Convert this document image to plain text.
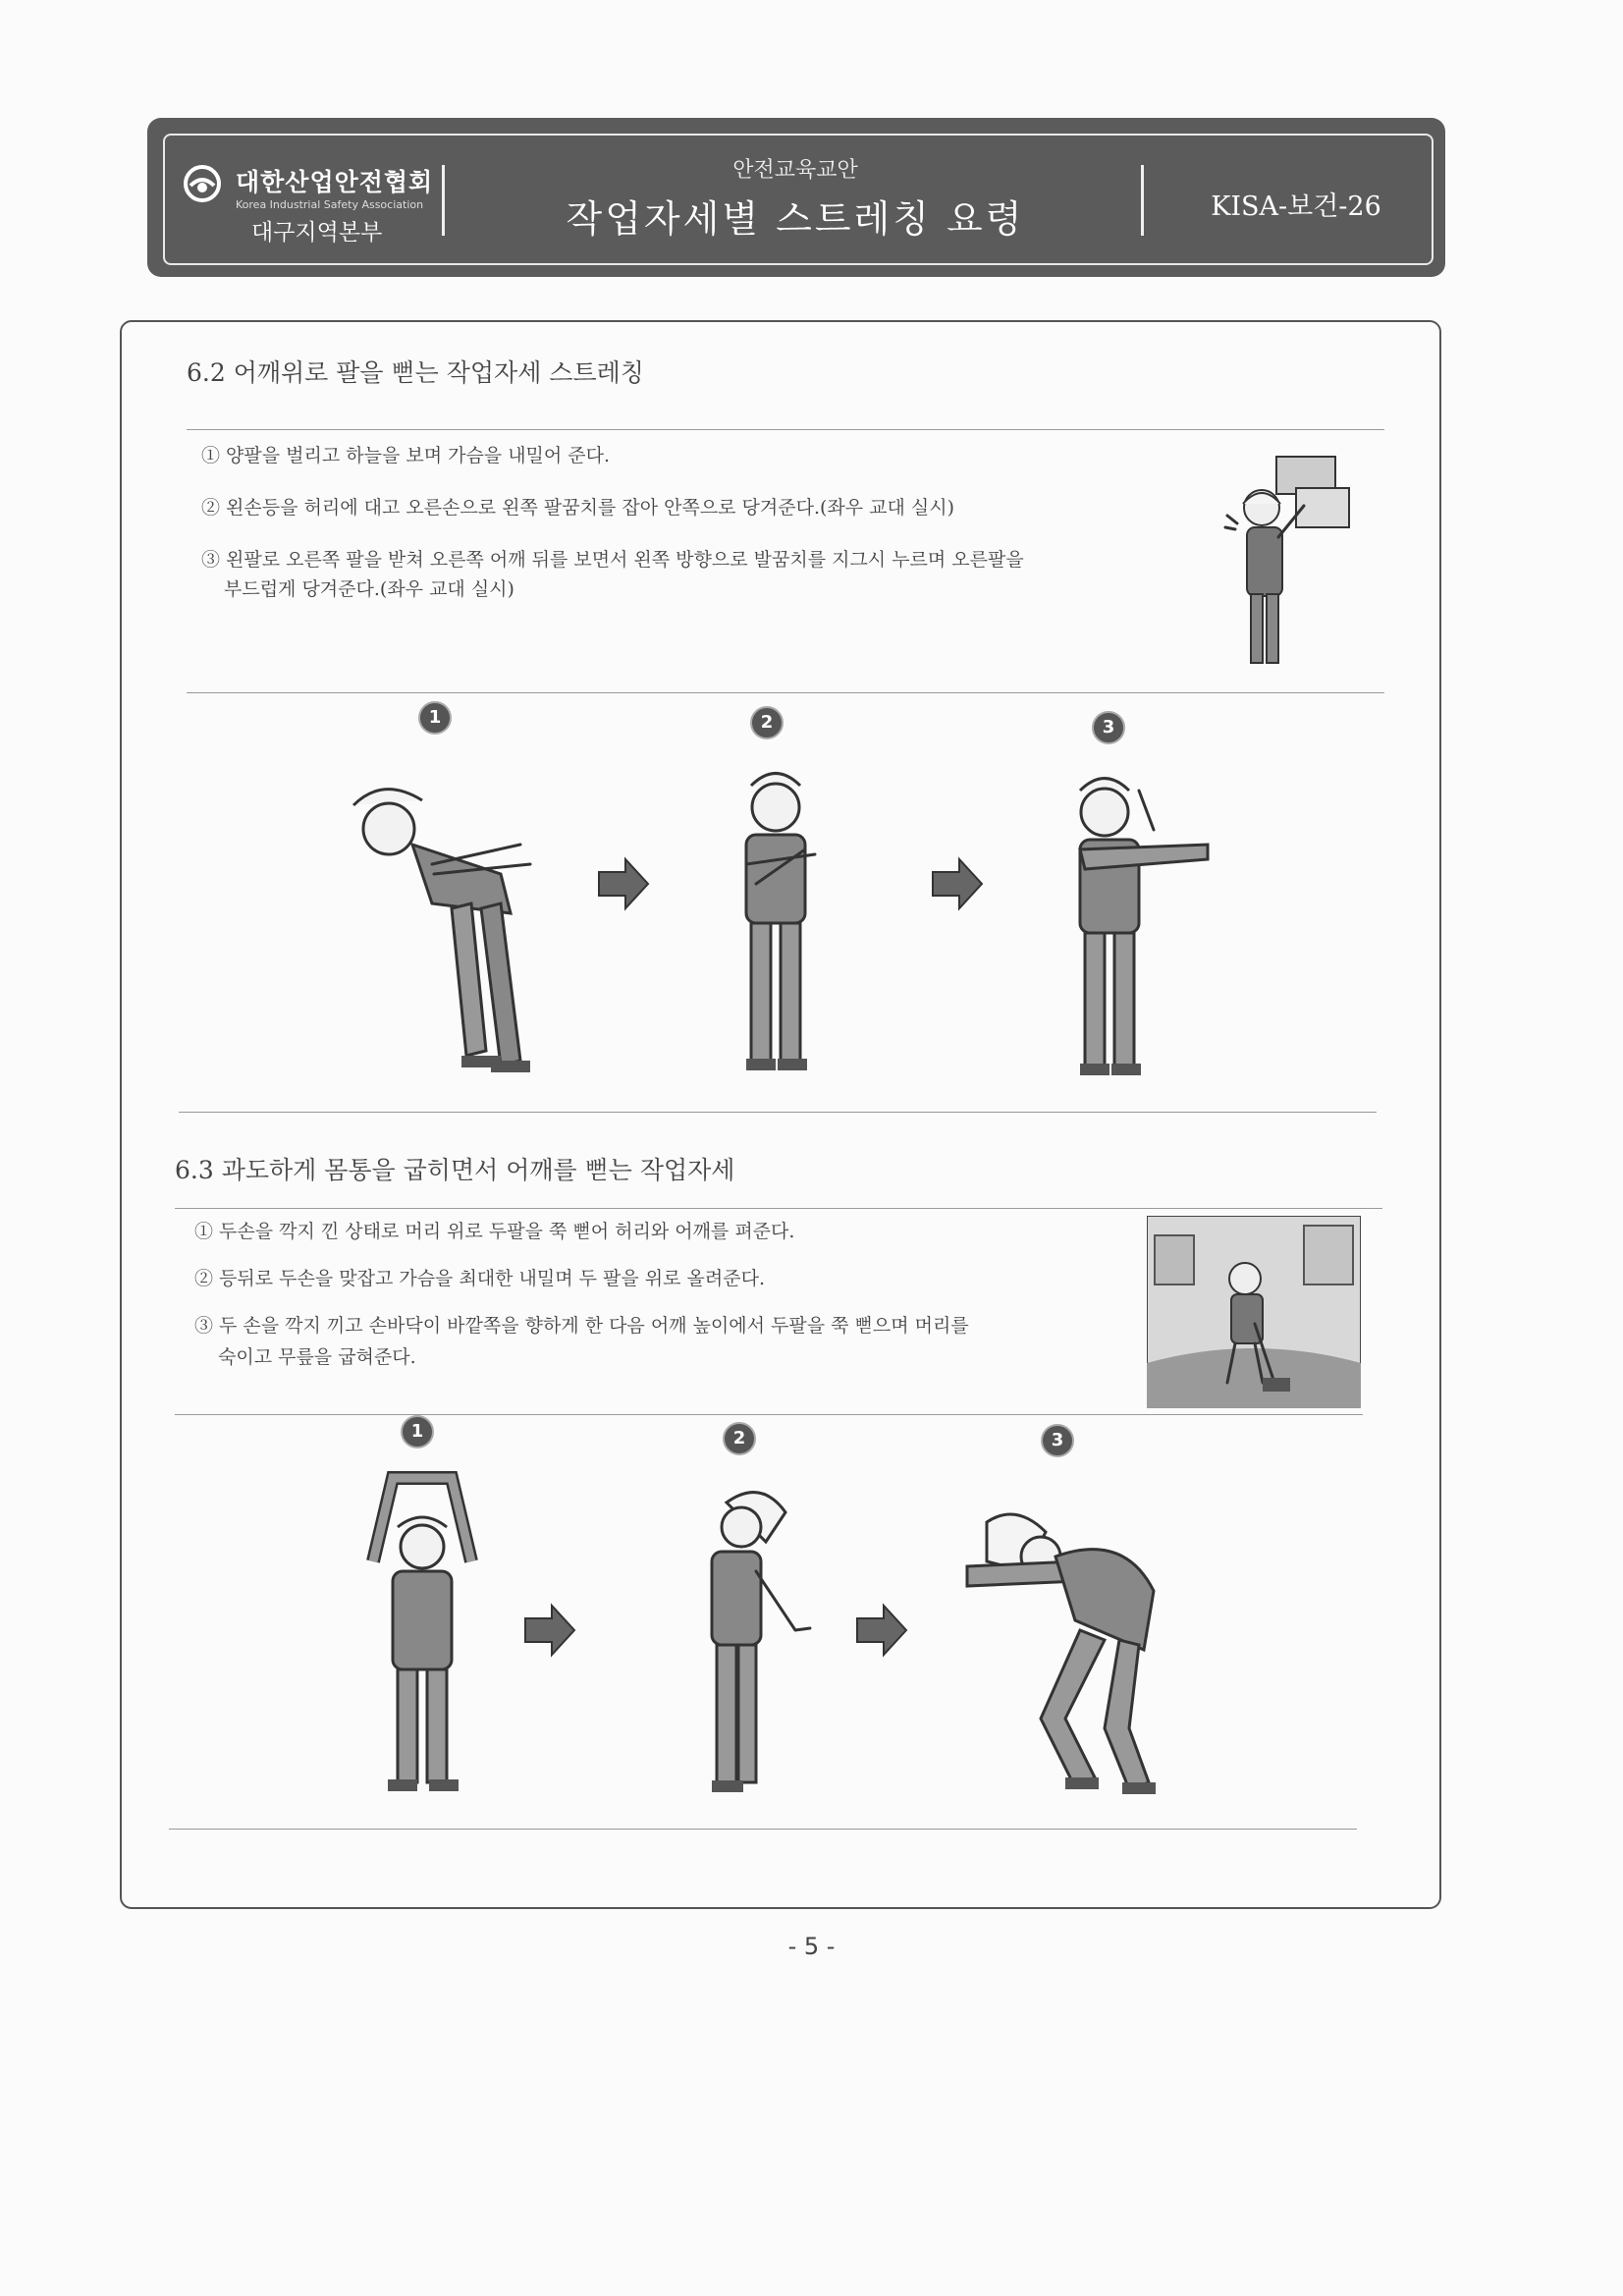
대한산업안전협회
Korea Industrial Safety Association
대구지역본부
안전교육교안
작업자세별 스트레칭 요령	KISA-보건-26
6.2 어깨위로 팔을 뻗는 작업자세 스트레칭
① 양팔을 벌리고 하늘을 보며 가슴을 내밀어 준다.
② 왼손등을 허리에 대고 오른손으로 왼쪽 팔꿈치를 잡아 안쪽으로 당겨준다.(좌우 교대 실시)
③ 왼팔로 오른쪽 팔을 받쳐 오른쪽 어깨 뒤를 보면서 왼쪽 방향으로 발꿈치를 지그시 누르며 오른팔을
부드럽게 당겨준다.(좌우 교대 실시)
1	2	3
6.3 과도하게 몸통을 굽히면서 어깨를 뻗는 작업자세
① 두손을 깍지 낀 상태로 머리 위로 두팔을 쭉 뻗어 허리와 어깨를 펴준다.
② 등뒤로 두손을 맞잡고 가슴을 최대한 내밀며 두 팔을 위로 올려준다.
③ 두 손을 깍지 끼고 손바닥이 바깥쪽을 향하게 한 다음 어깨 높이에서 두팔을 쭉 뻗으며 머리를
숙이고 무릎을 굽혀준다.
1	2	3
- 5 -
